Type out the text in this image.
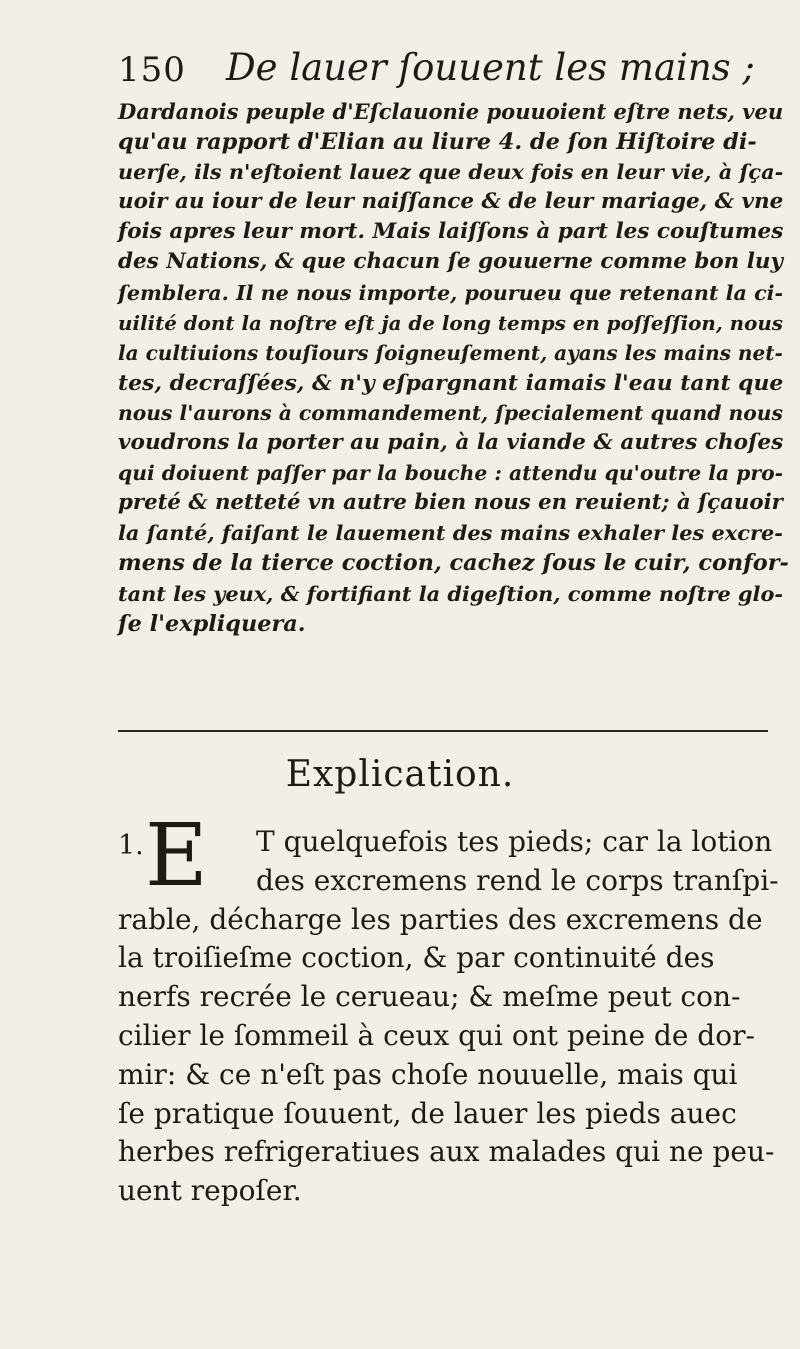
150 De lauer ſouuent les mains ;
Dardanois peuple d'Eſclauonie pouuoient eſtre nets, veu
qu'au rapport d'Elian au liure 4. de ſon Hiſtoire di-
uerſe, ils n'eſtoient lauez que deux fois en leur vie, à ſça-
uoir au iour de leur naiſſance & de leur mariage, & vne
fois apres leur mort. Mais laiſſons à part les couſtumes
des Nations, & que chacun ſe gouuerne comme bon luy
ſemblera. Il ne nous importe, pourueu que retenant la ci-
uilité dont la noſtre eſt ja de long temps en poſſeſſion, nous
la cultiuions touſiours ſoigneuſement, ayans les mains net-
tes, decraſſées, & n'y eſpargnant iamais l'eau tant que
nous l'aurons à commandement, ſpecialement quand nous
voudrons la porter au pain, à la viande & autres choſes
qui doiuent paſſer par la bouche : attendu qu'outre la pro-
preté & netteté vn autre bien nous en reuient; à ſçauoir
la ſanté, faiſant le lauement des mains exhaler les excre-
mens de la tierce coction, cachez ſous le cuir, confor-
tant les yeux, & fortifiant la digeſtion, comme noſtre glo-
ſe l'expliquera.
Explication.
1. E	T quelquefois tes pieds; car la lotion
des excremens rend le corps tranſpi-
rable, décharge les parties des excremens de
la troiſieſme coction, & par continuité des
nerfs recrée le cerueau; & meſme peut con-
cilier le ſommeil à ceux qui ont peine de dor-
mir: & ce n'eſt pas choſe nouuelle, mais qui
ſe pratique ſouuent, de lauer les pieds auec
herbes refrigeratiues aux malades qui ne peu-
uent repoſer.
